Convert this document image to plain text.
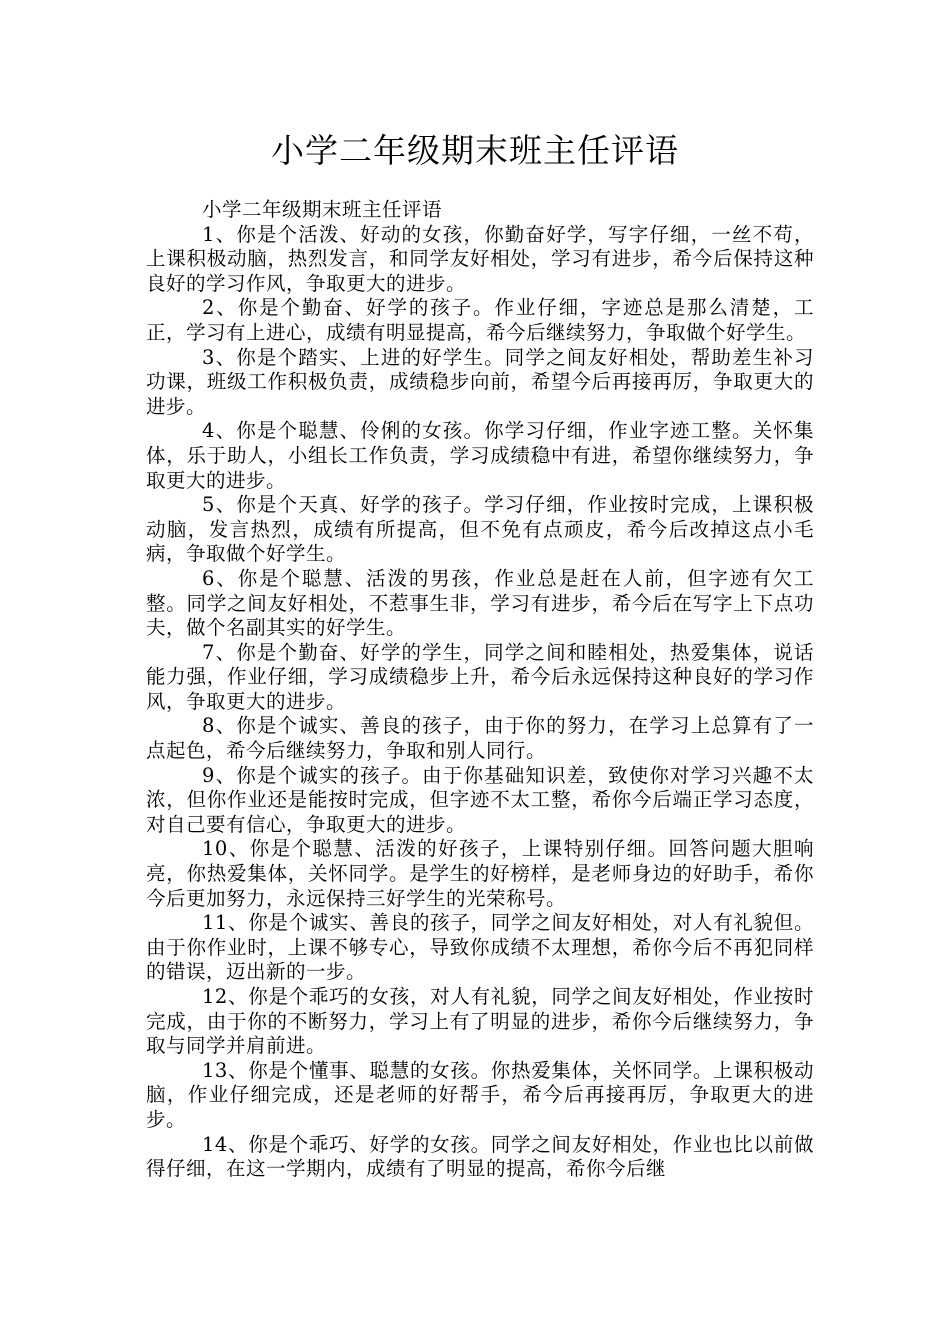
小学二年级期末班主任评语

小学二年级期末班主任评语

1、你是个活泼、好动的女孩，你勤奋好学，写字仔细，一丝不苟，上课积极动脑，热烈发言，和同学友好相处，学习有进步，希今后保持这种良好的学习作风，争取更大的进步。

2、你是个勤奋、好学的孩子。作业仔细，字迹总是那么清楚，工正，学习有上进心，成绩有明显提高，希今后继续努力，争取做个好学生。

3、你是个踏实、上进的好学生。同学之间友好相处，帮助差生补习功课，班级工作积极负责，成绩稳步向前，希望今后再接再厉，争取更大的进步。

4、你是个聪慧、伶俐的女孩。你学习仔细，作业字迹工整。关怀集体，乐于助人，小组长工作负责，学习成绩稳中有进，希望你继续努力，争取更大的进步。

5、你是个天真、好学的孩子。学习仔细，作业按时完成，上课积极动脑，发言热烈，成绩有所提高，但不免有点顽皮，希今后改掉这点小毛病，争取做个好学生。

6、你是个聪慧、活泼的男孩，作业总是赶在人前，但字迹有欠工整。同学之间友好相处，不惹事生非，学习有进步，希今后在写字上下点功夫，做个名副其实的好学生。

7、你是个勤奋、好学的学生，同学之间和睦相处，热爱集体，说话能力强，作业仔细，学习成绩稳步上升，希今后永远保持这种良好的学习作风，争取更大的进步。

8、你是个诚实、善良的孩子，由于你的努力，在学习上总算有了一点起色，希今后继续努力，争取和别人同行。

9、你是个诚实的孩子。由于你基础知识差，致使你对学习兴趣不太浓，但你作业还是能按时完成，但字迹不太工整，希你今后端正学习态度，对自己要有信心，争取更大的进步。

10、你是个聪慧、活泼的好孩子，上课特别仔细。回答问题大胆响亮，你热爱集体，关怀同学。是学生的好榜样，是老师身边的好助手，希你今后更加努力，永远保持三好学生的光荣称号。

11、你是个诚实、善良的孩子，同学之间友好相处，对人有礼貌但。由于你作业时，上课不够专心，导致你成绩不太理想，希你今后不再犯同样的错误，迈出新的一步。

12、你是个乖巧的女孩，对人有礼貌，同学之间友好相处，作业按时完成，由于你的不断努力，学习上有了明显的进步，希你今后继续努力，争取与同学并肩前进。

13、你是个懂事、聪慧的女孩。你热爱集体，关怀同学。上课积极动脑，作业仔细完成，还是老师的好帮手，希今后再接再厉，争取更大的进步。

14、你是个乖巧、好学的女孩。同学之间友好相处，作业也比以前做得仔细，在这一学期内，成绩有了明显的提高，希你今后继
